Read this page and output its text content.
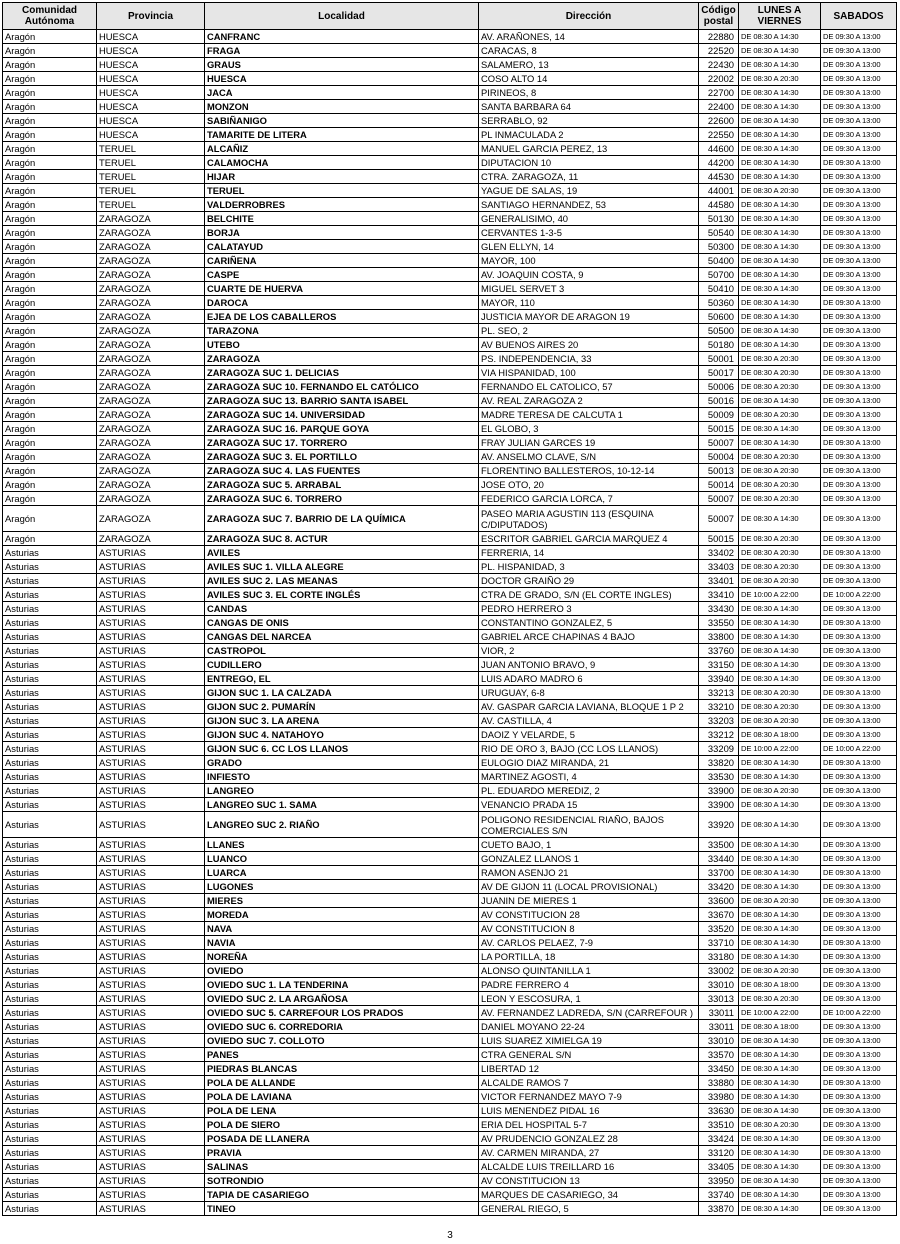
Comunidad Autónoma	Provincia	Localidad	Dirección	Código postal	LUNES A VIERNES	SABADOS
Aragón	HUESCA	CANFRANC	AV. ARAÑONES, 14	22880	DE 08:30 A 14:30	DE 09:30 A 13:00
Aragón	HUESCA	FRAGA	CARACAS, 8	22520	DE 08:30 A 14:30	DE 09:30 A 13:00
Aragón	HUESCA	GRAUS	SALAMERO, 13	22430	DE 08:30 A 14:30	DE 09:30 A 13:00
Aragón	HUESCA	HUESCA	COSO ALTO 14	22002	DE 08:30 A 20:30	DE 09:30 A 13:00
Aragón	HUESCA	JACA	PIRINEOS, 8	22700	DE 08:30 A 14:30	DE 09:30 A 13:00
Aragón	HUESCA	MONZON	SANTA BARBARA 64	22400	DE 08:30 A 14:30	DE 09:30 A 13:00
Aragón	HUESCA	SABIÑANIGO	SERRABLO, 92	22600	DE 08:30 A 14:30	DE 09:30 A 13:00
Aragón	HUESCA	TAMARITE DE LITERA	PL INMACULADA 2	22550	DE 08:30 A 14:30	DE 09:30 A 13:00
Aragón	TERUEL	ALCAÑIZ	MANUEL GARCIA PEREZ, 13	44600	DE 08:30 A 14:30	DE 09:30 A 13:00
Aragón	TERUEL	CALAMOCHA	DIPUTACION 10	44200	DE 08:30 A 14:30	DE 09:30 A 13:00
Aragón	TERUEL	HIJAR	CTRA. ZARAGOZA, 11	44530	DE 08:30 A 14:30	DE 09:30 A 13:00
Aragón	TERUEL	TERUEL	YAGUE DE SALAS, 19	44001	DE 08:30 A 20:30	DE 09:30 A 13:00
Aragón	TERUEL	VALDERROBRES	SANTIAGO HERNANDEZ, 53	44580	DE 08:30 A 14:30	DE 09:30 A 13:00
Aragón	ZARAGOZA	BELCHITE	GENERALISIMO, 40	50130	DE 08:30 A 14:30	DE 09:30 A 13:00
Aragón	ZARAGOZA	BORJA	CERVANTES 1-3-5	50540	DE 08:30 A 14:30	DE 09:30 A 13:00
Aragón	ZARAGOZA	CALATAYUD	GLEN ELLYN, 14	50300	DE 08:30 A 14:30	DE 09:30 A 13:00
Aragón	ZARAGOZA	CARIÑENA	MAYOR, 100	50400	DE 08:30 A 14:30	DE 09:30 A 13:00
Aragón	ZARAGOZA	CASPE	AV. JOAQUIN COSTA, 9	50700	DE 08:30 A 14:30	DE 09:30 A 13:00
Aragón	ZARAGOZA	CUARTE DE HUERVA	MIGUEL SERVET 3	50410	DE 08:30 A 14:30	DE 09:30 A 13:00
Aragón	ZARAGOZA	DAROCA	MAYOR, 110	50360	DE 08:30 A 14:30	DE 09:30 A 13:00
Aragón	ZARAGOZA	EJEA DE LOS CABALLEROS	JUSTICIA MAYOR DE ARAGON 19	50600	DE 08:30 A 14:30	DE 09:30 A 13:00
Aragón	ZARAGOZA	TARAZONA	PL. SEO, 2	50500	DE 08:30 A 14:30	DE 09:30 A 13:00
Aragón	ZARAGOZA	UTEBO	AV BUENOS AIRES 20	50180	DE 08:30 A 14:30	DE 09:30 A 13:00
Aragón	ZARAGOZA	ZARAGOZA	PS. INDEPENDENCIA, 33	50001	DE 08:30 A 20:30	DE 09:30 A 13:00
Aragón	ZARAGOZA	ZARAGOZA SUC 1. DELICIAS	VIA HISPANIDAD, 100	50017	DE 08:30 A 20:30	DE 09:30 A 13:00
Aragón	ZARAGOZA	ZARAGOZA SUC 10. FERNANDO EL CATÓLICO	FERNANDO EL CATOLICO, 57	50006	DE 08:30 A 20:30	DE 09:30 A 13:00
Aragón	ZARAGOZA	ZARAGOZA SUC 13. BARRIO SANTA ISABEL	AV. REAL ZARAGOZA 2	50016	DE 08:30 A 14:30	DE 09:30 A 13:00
Aragón	ZARAGOZA	ZARAGOZA SUC 14. UNIVERSIDAD	MADRE TERESA DE CALCUTA 1	50009	DE 08:30 A 20:30	DE 09:30 A 13:00
Aragón	ZARAGOZA	ZARAGOZA SUC 16. PARQUE GOYA	EL GLOBO, 3	50015	DE 08:30 A 14:30	DE 09:30 A 13:00
Aragón	ZARAGOZA	ZARAGOZA SUC 17. TORRERO	FRAY JULIAN GARCES 19	50007	DE 08:30 A 14:30	DE 09:30 A 13:00
Aragón	ZARAGOZA	ZARAGOZA SUC 3. EL PORTILLO	AV. ANSELMO CLAVE, S/N	50004	DE 08:30 A 20:30	DE 09:30 A 13:00
Aragón	ZARAGOZA	ZARAGOZA SUC 4. LAS FUENTES	FLORENTINO BALLESTEROS, 10-12-14	50013	DE 08:30 A 20:30	DE 09:30 A 13:00
Aragón	ZARAGOZA	ZARAGOZA SUC 5. ARRABAL	JOSE OTO, 20	50014	DE 08:30 A 20:30	DE 09:30 A 13:00
Aragón	ZARAGOZA	ZARAGOZA SUC 6. TORRERO	FEDERICO GARCIA LORCA, 7	50007	DE 08:30 A 20:30	DE 09:30 A 13:00
Aragón	ZARAGOZA	ZARAGOZA SUC 7. BARRIO DE LA QUÍMICA	PASEO MARIA AGUSTIN 113 (ESQUINA C/DIPUTADOS)	50007	DE 08:30 A 14:30	DE 09:30 A 13:00
Aragón	ZARAGOZA	ZARAGOZA SUC 8. ACTUR	ESCRITOR GABRIEL GARCIA MARQUEZ 4	50015	DE 08:30 A 20:30	DE 09:30 A 13:00
Asturias	ASTURIAS	AVILES	FERRERIA, 14	33402	DE 08:30 A 20:30	DE 09:30 A 13:00
Asturias	ASTURIAS	AVILES SUC 1. VILLA ALEGRE	PL. HISPANIDAD, 3	33403	DE 08:30 A 20:30	DE 09:30 A 13:00
Asturias	ASTURIAS	AVILES SUC 2. LAS MEANAS	DOCTOR GRAIÑO 29	33401	DE 08:30 A 20:30	DE 09:30 A 13:00
Asturias	ASTURIAS	AVILES SUC 3. EL CORTE INGLÉS	CTRA DE GRADO, S/N (EL CORTE INGLES)	33410	DE 10:00 A 22:00	DE 10:00 A 22:00
Asturias	ASTURIAS	CANDAS	PEDRO HERRERO 3	33430	DE 08:30 A 14:30	DE 09:30 A 13:00
Asturias	ASTURIAS	CANGAS DE ONIS	CONSTANTINO GONZALEZ, 5	33550	DE 08:30 A 14:30	DE 09:30 A 13:00
Asturias	ASTURIAS	CANGAS DEL NARCEA	GABRIEL ARCE CHAPINAS 4 BAJO	33800	DE 08:30 A 14:30	DE 09:30 A 13:00
Asturias	ASTURIAS	CASTROPOL	VIOR, 2	33760	DE 08:30 A 14:30	DE 09:30 A 13:00
Asturias	ASTURIAS	CUDILLERO	JUAN ANTONIO BRAVO, 9	33150	DE 08:30 A 14:30	DE 09:30 A 13:00
Asturias	ASTURIAS	ENTREGO, EL	LUIS ADARO MADRO 6	33940	DE 08:30 A 14:30	DE 09:30 A 13:00
Asturias	ASTURIAS	GIJON SUC 1. LA CALZADA	URUGUAY, 6-8	33213	DE 08:30 A 20:30	DE 09:30 A 13:00
Asturias	ASTURIAS	GIJON SUC 2. PUMARÍN	AV. GASPAR GARCIA LAVIANA, BLOQUE 1 P 2	33210	DE 08:30 A 20:30	DE 09:30 A 13:00
Asturias	ASTURIAS	GIJON SUC 3. LA ARENA	AV. CASTILLA, 4	33203	DE 08:30 A 20:30	DE 09:30 A 13:00
Asturias	ASTURIAS	GIJON SUC 4. NATAHOYO	DAOIZ Y VELARDE, 5	33212	DE 08:30 A 18:00	DE 09:30 A 13:00
Asturias	ASTURIAS	GIJON SUC 6. CC LOS LLANOS	RIO DE ORO 3, BAJO (CC LOS LLANOS)	33209	DE 10:00 A 22:00	DE 10:00 A 22:00
Asturias	ASTURIAS	GRADO	EULOGIO DIAZ MIRANDA, 21	33820	DE 08:30 A 14:30	DE 09:30 A 13:00
Asturias	ASTURIAS	INFIESTO	MARTINEZ AGOSTI, 4	33530	DE 08:30 A 14:30	DE 09:30 A 13:00
Asturias	ASTURIAS	LANGREO	PL. EDUARDO MEREDIZ, 2	33900	DE 08:30 A 20:30	DE 09:30 A 13:00
Asturias	ASTURIAS	LANGREO SUC 1. SAMA	VENANCIO PRADA 15	33900	DE 08:30 A 14:30	DE 09:30 A 13:00
Asturias	ASTURIAS	LANGREO SUC 2. RIAÑO	POLIGONO RESIDENCIAL RIAÑO, BAJOS COMERCIALES S/N	33920	DE 08:30 A 14:30	DE 09:30 A 13:00
Asturias	ASTURIAS	LLANES	CUETO BAJO, 1	33500	DE 08:30 A 14:30	DE 09:30 A 13:00
Asturias	ASTURIAS	LUANCO	GONZALEZ LLANOS 1	33440	DE 08:30 A 14:30	DE 09:30 A 13:00
Asturias	ASTURIAS	LUARCA	RAMON ASENJO 21	33700	DE 08:30 A 14:30	DE 09:30 A 13:00
Asturias	ASTURIAS	LUGONES	AV DE GIJON 11 (LOCAL PROVISIONAL)	33420	DE 08:30 A 14:30	DE 09:30 A 13:00
Asturias	ASTURIAS	MIERES	JUANIN DE MIERES 1	33600	DE 08:30 A 20:30	DE 09:30 A 13:00
Asturias	ASTURIAS	MOREDA	AV CONSTITUCION 28	33670	DE 08:30 A 14:30	DE 09:30 A 13:00
Asturias	ASTURIAS	NAVA	AV CONSTITUCION 8	33520	DE 08:30 A 14:30	DE 09:30 A 13:00
Asturias	ASTURIAS	NAVIA	AV. CARLOS PELAEZ, 7-9	33710	DE 08:30 A 14:30	DE 09:30 A 13:00
Asturias	ASTURIAS	NOREÑA	LA PORTILLA, 18	33180	DE 08:30 A 14:30	DE 09:30 A 13:00
Asturias	ASTURIAS	OVIEDO	ALONSO QUINTANILLA 1	33002	DE 08:30 A 20:30	DE 09:30 A 13:00
Asturias	ASTURIAS	OVIEDO SUC 1. LA TENDERINA	PADRE FERRERO 4	33010	DE 08:30 A 18:00	DE 09:30 A 13:00
Asturias	ASTURIAS	OVIEDO SUC 2. LA ARGAÑOSA	LEON Y ESCOSURA, 1	33013	DE 08:30 A 20:30	DE 09:30 A 13:00
Asturias	ASTURIAS	OVIEDO SUC 5. CARREFOUR LOS PRADOS	AV. FERNANDEZ LADREDA, S/N (CARREFOUR )	33011	DE 10:00 A 22:00	DE 10:00 A 22:00
Asturias	ASTURIAS	OVIEDO SUC 6. CORREDORIA	DANIEL MOYANO 22-24	33011	DE 08:30 A 18:00	DE 09:30 A 13:00
Asturias	ASTURIAS	OVIEDO SUC 7. COLLOTO	LUIS SUAREZ XIMIELGA 19	33010	DE 08:30 A 14:30	DE 09:30 A 13:00
Asturias	ASTURIAS	PANES	CTRA GENERAL S/N	33570	DE 08:30 A 14:30	DE 09:30 A 13:00
Asturias	ASTURIAS	PIEDRAS BLANCAS	LIBERTAD 12	33450	DE 08:30 A 14:30	DE 09:30 A 13:00
Asturias	ASTURIAS	POLA DE ALLANDE	ALCALDE RAMOS 7	33880	DE 08:30 A 14:30	DE 09:30 A 13:00
Asturias	ASTURIAS	POLA DE LAVIANA	VICTOR FERNANDEZ MAYO 7-9	33980	DE 08:30 A 14:30	DE 09:30 A 13:00
Asturias	ASTURIAS	POLA DE LENA	LUIS MENENDEZ PIDAL 16	33630	DE 08:30 A 14:30	DE 09:30 A 13:00
Asturias	ASTURIAS	POLA DE SIERO	ERIA DEL HOSPITAL 5-7	33510	DE 08:30 A 20:30	DE 09:30 A 13:00
Asturias	ASTURIAS	POSADA DE LLANERA	AV PRUDENCIO GONZALEZ 28	33424	DE 08:30 A 14:30	DE 09:30 A 13:00
Asturias	ASTURIAS	PRAVIA	AV. CARMEN MIRANDA, 27	33120	DE 08:30 A 14:30	DE 09:30 A 13:00
Asturias	ASTURIAS	SALINAS	ALCALDE LUIS TREILLARD 16	33405	DE 08:30 A 14:30	DE 09:30 A 13:00
Asturias	ASTURIAS	SOTRONDIO	AV CONSTITUCION 13	33950	DE 08:30 A 14:30	DE 09:30 A 13:00
Asturias	ASTURIAS	TAPIA DE CASARIEGO	MARQUES DE CASARIEGO, 34	33740	DE 08:30 A 14:30	DE 09:30 A 13:00
Asturias	ASTURIAS	TINEO	GENERAL RIEGO, 5	33870	DE 08:30 A 14:30	DE 09:30 A 13:00
3
